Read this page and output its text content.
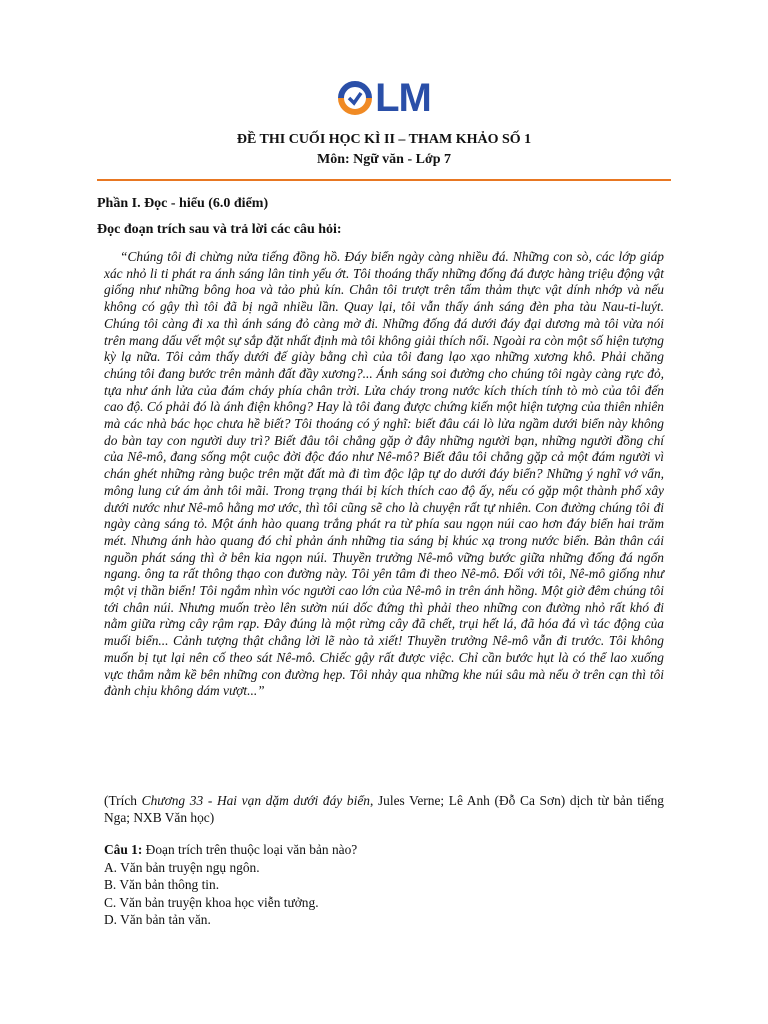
LM
ĐỀ THI CUỐI HỌC KÌ II – THAM KHẢO SỐ 1
Môn: Ngữ văn - Lớp 7
Phần I. Đọc - hiểu (6.0 điểm)
Đọc đoạn trích sau và trả lời các câu hỏi:

“Chúng tôi đi chừng nửa tiếng đồng hồ. Đáy biển ngày càng nhiều đá. Những con sò, các lớp giáp xác nhỏ li ti phát ra ánh sáng lân tinh yếu ớt. Tôi thoáng thấy những đống đá được hàng triệu động vật giống như những bông hoa và tảo phủ kín. Chân tôi trượt trên tấm thảm thực vật dính nhớp và nếu không có gậy thì tôi đã bị ngã nhiều lần. Quay lại, tôi vẫn thấy ánh sáng đèn pha tàu Nau-ti-luýt. Chúng tôi càng đi xa thì ánh sáng đỏ càng mờ đi. Những đống đá dưới đáy đại dương mà tôi vừa nói trên mang dấu vết một sự sắp đặt nhất định mà tôi không giải thích nổi. Ngoài ra còn một số hiện tượng kỳ lạ nữa. Tôi cảm thấy dưới đế giày bằng chì của tôi đang lạo xạo những xương khô. Phải chăng chúng tôi đang bước trên mảnh đất đầy xương?... Ánh sáng soi đường cho chúng tôi ngày càng rực đỏ, tựa như ánh lửa của đám cháy phía chân trời. Lửa cháy trong nước kích thích tính tò mò của tôi đến cao độ. Có phải đó là ánh điện không? Hay là tôi đang được chứng kiến một hiện tượng của thiên nhiên mà các nhà bác học chưa hề biết? Tôi thoáng có ý nghĩ: biết đâu cái lò lửa ngầm dưới biển này không do bàn tay con người duy trì? Biết đâu tôi chẳng gặp ở đây những người bạn, những người đồng chí của Nê-mô, đang sống một cuộc đời độc đáo như Nê-mô? Biết đâu tôi chẳng gặp cả một đám người vì chán ghét những ràng buộc trên mặt đất mà đi tìm độc lập tự do dưới đáy biển? Những ý nghĩ vớ vẩn, mông lung cứ ám ảnh tôi mãi. Trong trạng thái bị kích thích cao độ ấy, nếu có gặp một thành phố xây dưới nước như Nê-mô hằng mơ ước, thì tôi cũng sẽ cho là chuyện rất tự nhiên. Con đường chúng tôi đi ngày càng sáng tỏ. Một ánh hào quang trắng phát ra từ phía sau ngọn núi cao hơn đáy biển hai trăm mét. Nhưng ánh hào quang đó chỉ phản ánh những tia sáng bị khúc xạ trong nước biển. Bản thân cái nguồn phát sáng thì ở bên kia ngọn núi. Thuyền trưởng Nê-mô vững bước giữa những đống đá ngổn ngang. ông ta rất thông thạo con đường này. Tôi yên tâm đi theo Nê-mô. Đối với tôi, Nê-mô giống như một vị thần biển! Tôi ngắm nhìn vóc người cao lớn của Nê-mô in trên ánh hồng. Một giờ đêm chúng tôi tới chân núi. Nhưng muốn trèo lên sườn núi dốc đứng thì phải theo những con đường nhỏ rất khó đi nằm giữa rừng cây rậm rạp. Đây đúng là một rừng cây đã chết, trụi hết lá, đã hóa đá vì tác động của muối biển... Cảnh tượng thật chẳng lời lẽ nào tả xiết! Thuyền trưởng Nê-mô vẫn đi trước. Tôi không muốn bị tụt lại nên cố theo sát Nê-mô. Chiếc gậy rất được việc. Chỉ cần bước hụt là có thể lao xuống vực thẳm nằm kề bên những con đường hẹp. Tôi nhảy qua những khe núi sâu mà nếu ở trên cạn thì tôi đành chịu không dám vượt...”

(Trích Chương 33 - Hai vạn dặm dưới đáy biển, Jules Verne; Lê Anh (Đỗ Ca Sơn) dịch từ bản tiếng Nga; NXB Văn học)

Câu 1: Đoạn trích trên thuộc loại văn bản nào?
A. Văn bản truyện ngụ ngôn.
B. Văn bản thông tin.
C. Văn bản truyện khoa học viễn tưởng.
D. Văn bản tản văn.
